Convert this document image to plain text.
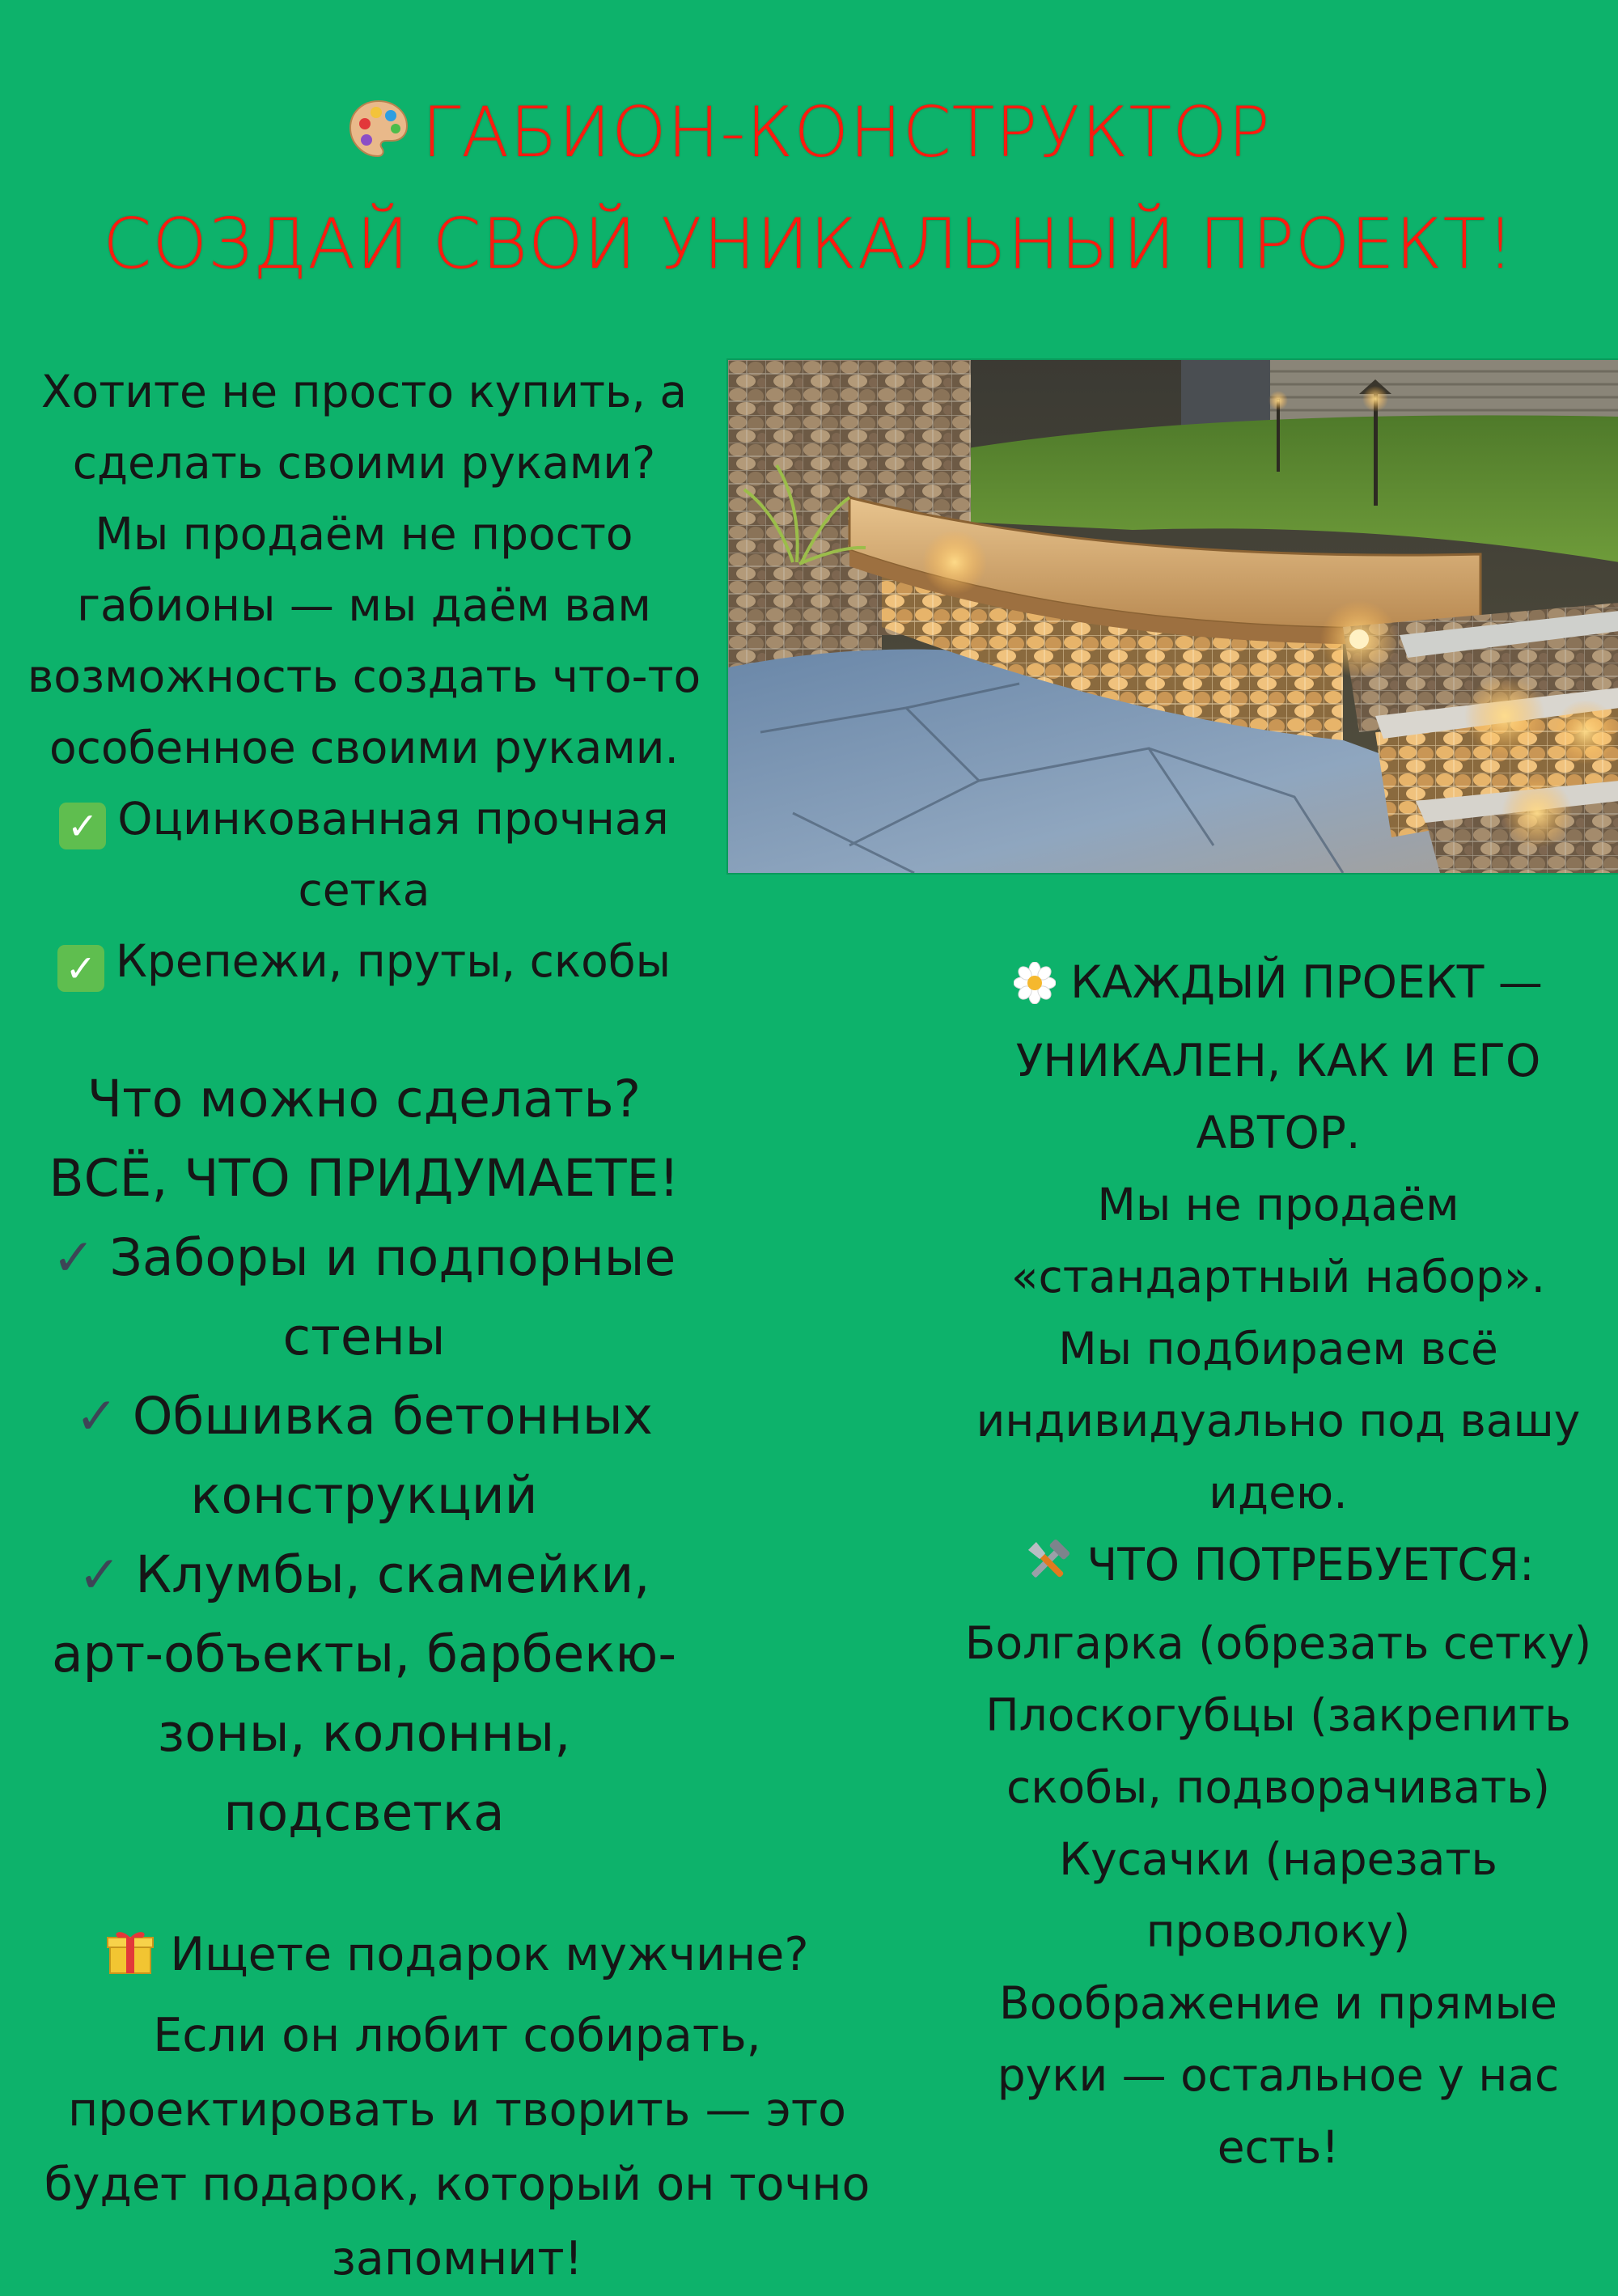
ГАБИОН-КОНСТРУКТОР
СОЗДАЙ СВОЙ УНИКАЛЬНЫЙ ПРОЕКТ!
Хотите не просто купить, а
сделать своими руками?
Мы продаём не просто
габионы — мы даём вам
возможность создать что-то
особенное своими руками.
✓ Оцинкованная прочная
сетка
✓ Крепежи, пруты, скобы
Что можно сделать?
ВСЁ, ЧТО ПРИДУМАЕТЕ!
✓ Заборы и подпорные
стены
✓ Обшивка бетонных
конструкций
✓ Клумбы, скамейки,
арт-объекты, барбекю-
зоны, колонны,
подсветка
Ищете подарок мужчине?
Если он любит собирать,
проектировать и творить — это
будет подарок, который он точно
запомнит!
КАЖДЫЙ ПРОЕКТ —
УНИКАЛЕН, КАК И ЕГО
АВТОР.
Мы не продаём
«стандартный набор».
Мы подбираем всё
индивидуально под вашу
идею.
ЧТО ПОТРЕБУЕТСЯ:
Болгарка (обрезать сетку)
Плоскогубцы (закрепить
скобы, подворачивать)
Кусачки (нарезать
проволоку)
Воображение и прямые
руки — остальное у нас
есть!
